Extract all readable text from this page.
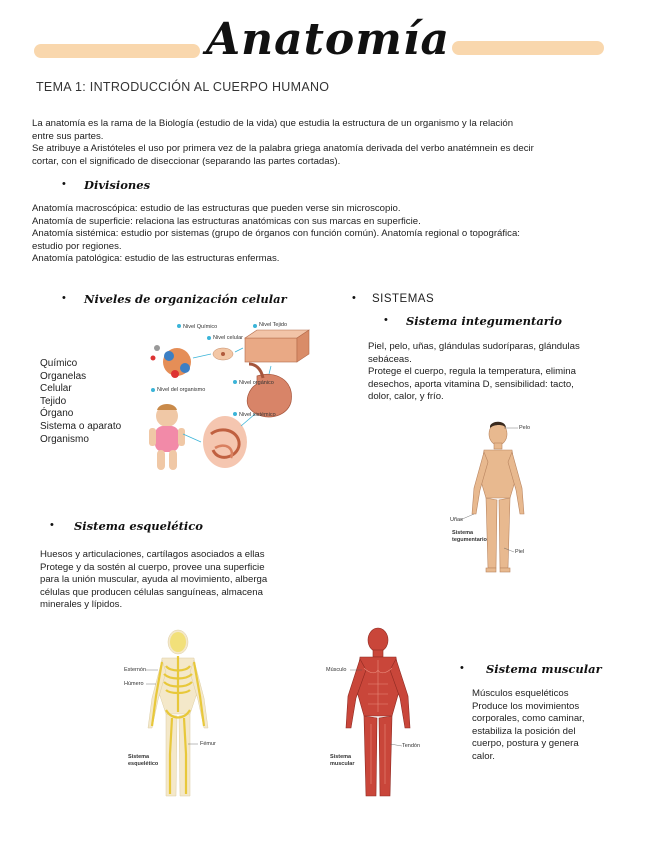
Anatomía
TEMA 1: INTRODUCCIÓN AL CUERPO HUMANO
La anatomía es la rama de la Biología (estudio de la vida) que estudia la estructura de un organismo y la relación
entre sus partes.
Se atribuye a Aristóteles el uso por primera vez de la palabra griega anatomía derivada del verbo anatémnein es decir
cortar, con el significado de diseccionar (separando las partes cortadas).
• Divisiones
Anatomía macroscópica: estudio de las estructuras que pueden verse sin microscopio.
Anatomía de superficie: relaciona las estructuras anatómicas con sus marcas en superficie.
Anatomía sistémica: estudio por sistemas (grupo de órganos con función común). Anatomía regional o topográfica:
estudio por regiones.
Anatomía patológica: estudio de las estructuras enfermas.
• Niveles de organización celular
Químico
Organelas
Celular
Tejido
Órgano
Sistema o aparato
Organismo
Nivel Químico	Nivel Tejido
Nivel celular
Nivel orgánico
Nivel del organismo
Nivel sistémico
• SISTEMAS
• Sistema integumentario
Piel, pelo, uñas, glándulas sudoríparas, glándulas
sebáceas.
Protege el cuerpo, regula la temperatura, elimina
desechos, aporta vitamina D, sensibilidad: tacto,
dolor, calor, y frío.
Pelo
Uñas
Piel
Sistema
tegumentario
• Sistema esquelético
Huesos y articulaciones, cartílagos asociados a ellas
Protege y da sostén al cuerpo, provee una superficie
para la unión muscular, ayuda al movimiento, alberga
células que producen células sanguíneas, almacena
minerales y lípidos.
Esternón
Húmero
Fémur
Sistema
esquelético
Músculo
Tendón
Sistema
muscular
• Sistema muscular
Músculos esqueléticos
Produce los movimientos
corporales, como caminar,
estabiliza la posición del
cuerpo, postura y genera
calor.
